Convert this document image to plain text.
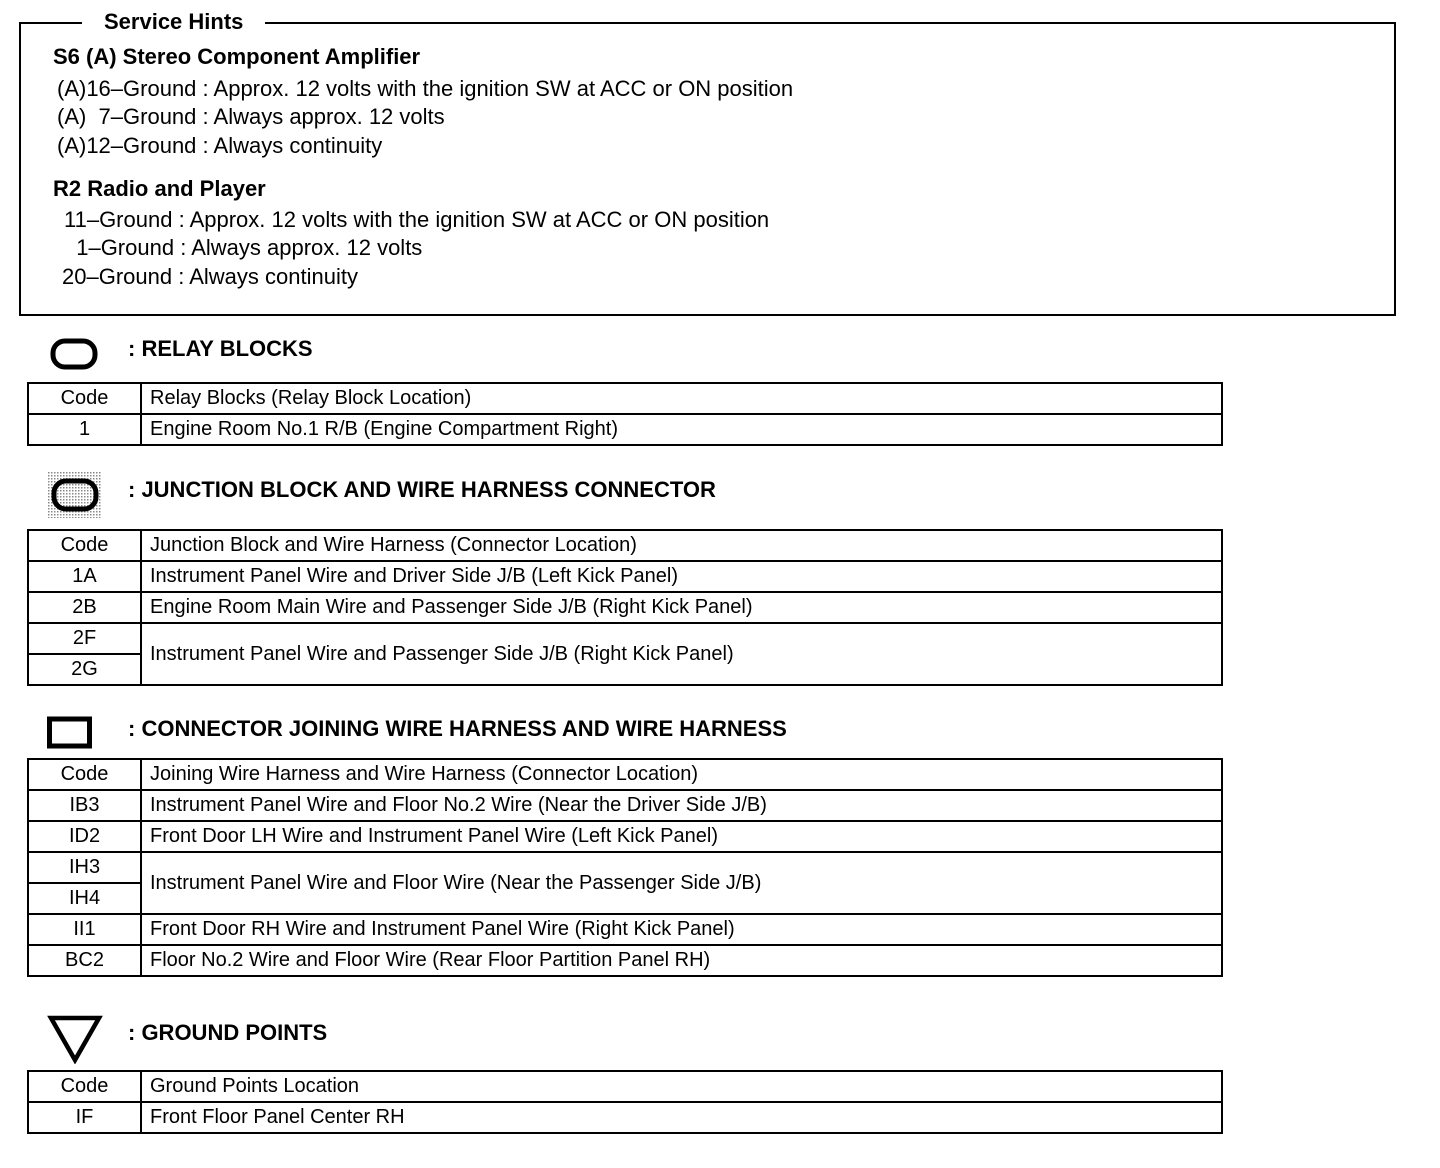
Service Hints
S6 (A) Stereo Component Amplifier
(A)16–Ground : Approx. 12 volts with the ignition SW at ACC or ON position
(A)  7–Ground : Always approx. 12 volts
(A)12–Ground : Always continuity
R2 Radio and Player
11–Ground : Approx. 12 volts with the ignition SW at ACC or ON position
1–Ground : Always approx. 12 volts
20–Ground : Always continuity
: RELAY BLOCKS
Code	Relay Blocks (Relay Block Location)
1	Engine Room No.1 R/B (Engine Compartment Right)
: JUNCTION BLOCK AND WIRE HARNESS CONNECTOR
Code	Junction Block and Wire Harness (Connector Location)
1A	Instrument Panel Wire and Driver Side J/B (Left Kick Panel)
2B	Engine Room Main Wire and Passenger Side J/B (Right Kick Panel)
2F	Instrument Panel Wire and Passenger Side J/B (Right Kick Panel)
2G	
: CONNECTOR JOINING WIRE HARNESS AND WIRE HARNESS
Code	Joining Wire Harness and Wire Harness (Connector Location)
IB3	Instrument Panel Wire and Floor No.2 Wire (Near the Driver Side J/B)
ID2	Front Door LH Wire and Instrument Panel Wire (Left Kick Panel)
IH3	Instrument Panel Wire and Floor Wire (Near the Passenger Side J/B)
IH4	
II1	Front Door RH Wire and Instrument Panel Wire (Right Kick Panel)
BC2	Floor No.2 Wire and Floor Wire (Rear Floor Partition Panel RH)
: GROUND POINTS
Code	Ground Points Location
IF	Front Floor Panel Center RH
